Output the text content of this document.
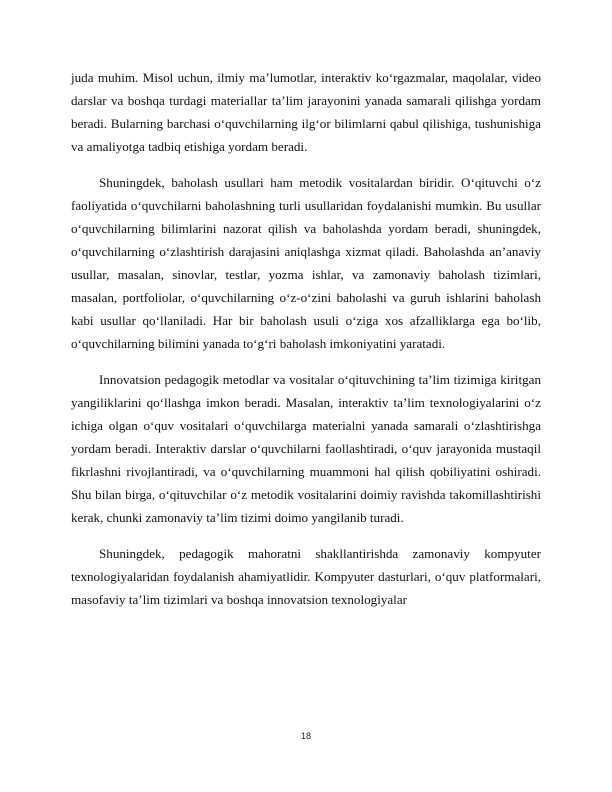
juda muhim. Misol uchun, ilmiy ma’lumotlar, interaktiv ko‘rgazmalar, maqolalar, video darslar va boshqa turdagi materiallar ta’lim jarayonini yanada samarali qilishga yordam beradi. Bularning barchasi o‘quvchilarning ilg‘or bilimlarni qabul qilishiga, tushunishiga va amaliyotga tadbiq etishiga yordam beradi.

Shuningdek, baholash usullari ham metodik vositalardan biridir. O‘qituvchi o‘z faoliyatida o‘quvchilarni baholashning turli usullaridan foydalanishi mumkin. Bu usullar o‘quvchilarning bilimlarini nazorat qilish va baholashda yordam beradi, shuningdek, o‘quvchilarning o‘zlashtirish darajasini aniqlashga xizmat qiladi. Baholashda an’anaviy usullar, masalan, sinovlar, testlar, yozma ishlar, va zamonaviy baholash tizimlari, masalan, portfoliolar, o‘quvchilarning o‘z-o‘zini baholashi va guruh ishlarini baholash kabi usullar qo‘llaniladi. Har bir baholash usuli o‘ziga xos afzalliklarga ega bo‘lib, o‘quvchilarning bilimini yanada to‘g‘ri baholash imkoniyatini yaratadi.

Innovatsion pedagogik metodlar va vositalar o‘qituvchining ta’lim tizimiga kiritgan yangiliklarini qo‘llashga imkon beradi. Masalan, interaktiv ta’lim texnologiyalarini o‘z ichiga olgan o‘quv vositalari o‘quvchilarga materialni yanada samarali o‘zlashtirishga yordam beradi. Interaktiv darslar o‘quvchilarni faollashtiradi, o‘quv jarayonida mustaqil fikrlashni rivojlantiradi, va o‘quvchilarning muammoni hal qilish qobiliyatini oshiradi. Shu bilan birga, o‘qituvchilar o‘z metodik vositalarini doimiy ravishda takomillashtirishi kerak, chunki zamonaviy ta’lim tizimi doimo yangilanib turadi.

Shuningdek, pedagogik mahoratni shakllantirishda zamonaviy kompyuter texnologiyalaridan foydalanish ahamiyatlidir. Kompyuter dasturlari, o‘quv platformalari, masofaviy ta’lim tizimlari va boshqa innovatsion texnologiyalar

18
